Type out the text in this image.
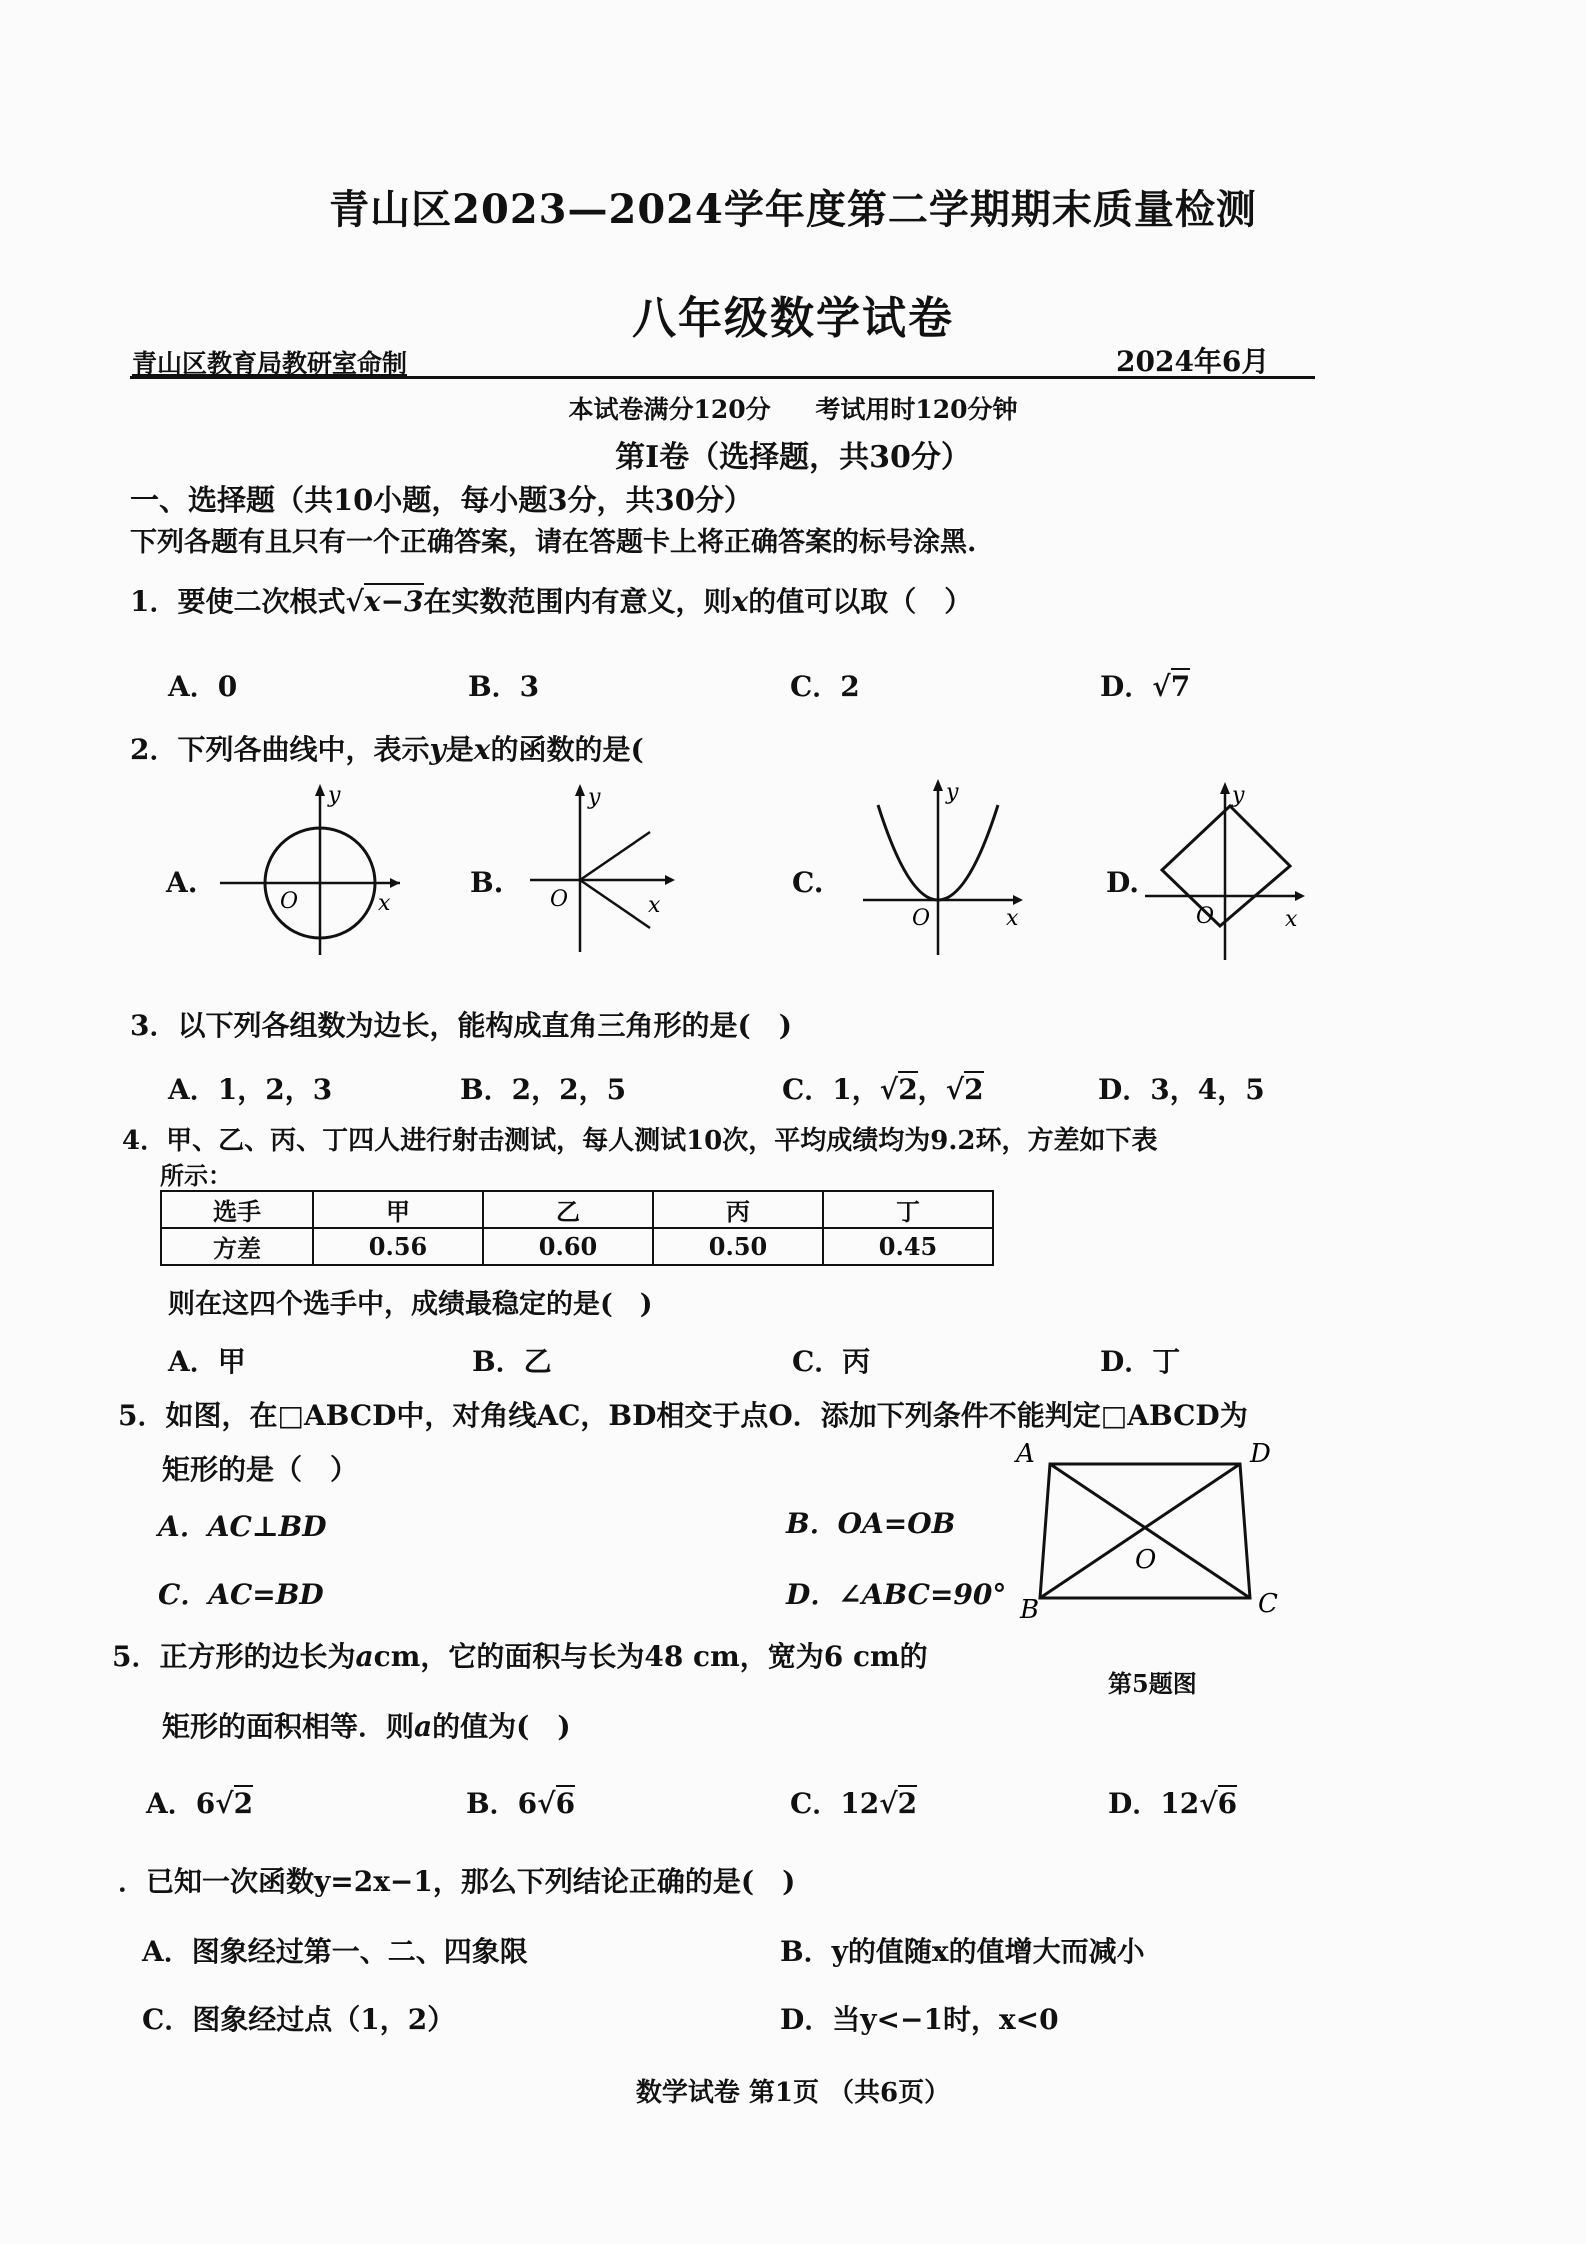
青山区2023—2024学年度第二学期期末质量检测
八年级数学试卷
青山区教育局教研室命制	2024年6月
本试卷满分120分 考试用时120分钟
第Ⅰ卷（选择题，共30分）
一、选择题（共10小题，每小题3分，共30分）
下列各题有且只有一个正确答案，请在答题卡上将正确答案的标号涂黑.
1．要使二次根式√x−3在实数范围内有意义，则x的值可以取（　）
A．0	B．3	C．2	D．√7
2．下列各曲线中，表示y是x的函数的是(
A.	B.	C.	D.
y
x
O
y
x
O
y
x
O
y
x
O
3．以下列各组数为边长，能构成直角三角形的是(　)
A．1，2，3	B．2，2，5	C．1，√2，√2	D．3，4，5
4．甲、乙、丙、丁四人进行射击测试，每人测试10次，平均成绩均为9.2环，方差如下表
所示：
选手	甲	乙	丙	丁
方差	0.56	0.60	0.50	0.45
则在这四个选手中，成绩最稳定的是(　)
A．甲	B．乙	C．丙	D．丁
5．如图，在□ABCD中，对角线AC，BD相交于点O．添加下列条件不能判定□ABCD为
矩形的是（　）
A．AC⊥BD	B．OA=OB
C．AC=BD	D．∠ABC=90°
A	D
B	C
O
第5题图
5．正方形的边长为acm，它的面积与长为48 cm，宽为6 cm的
矩形的面积相等．则a的值为(　)
A．6√2	B．6√6	C．12√2	D．12√6
．已知一次函数y=2x−1，那么下列结论正确的是(　)
A．图象经过第一、二、四象限	B．y的值随x的值增大而减小
C．图象经过点（1，2）	D．当y<−1时，x<0
数学试卷 第1页 （共6页）
